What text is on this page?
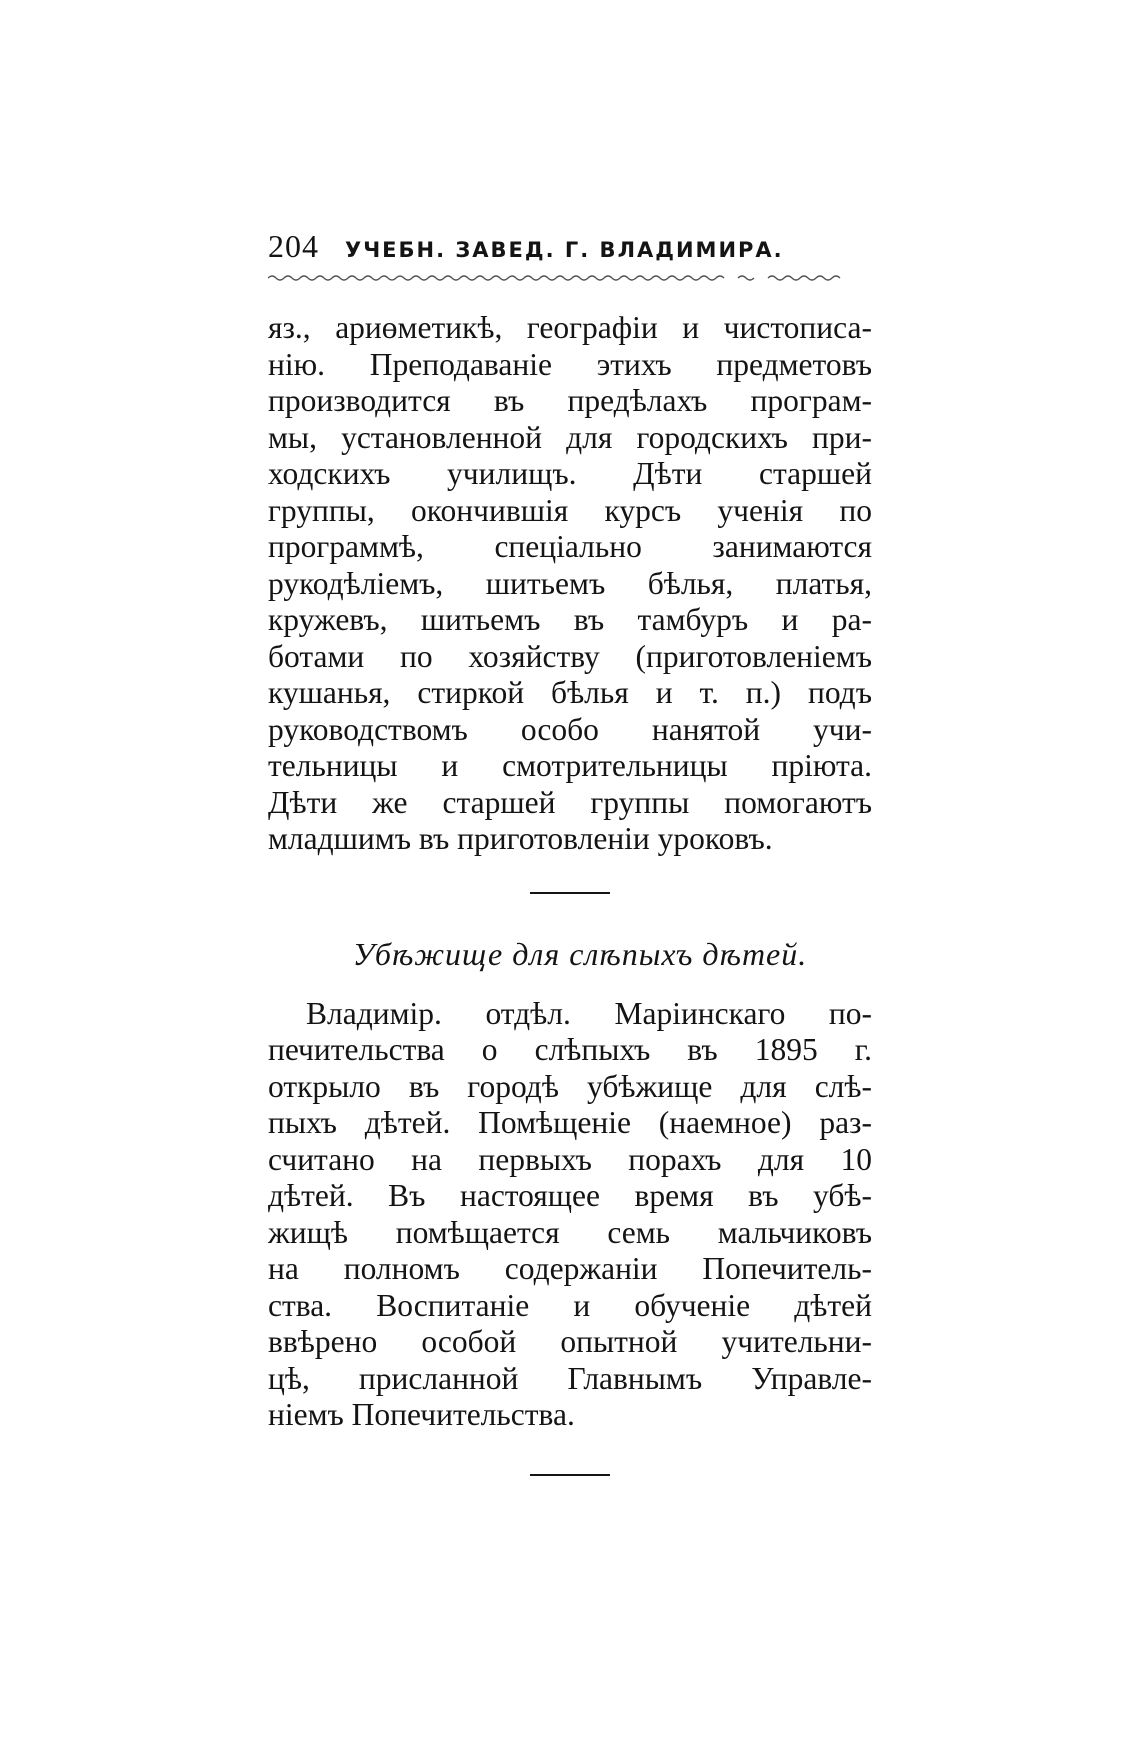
204 УЧЕБН. ЗАВЕД. Г. ВЛАДИМИРА.
яз., ариөметикѣ, географіи и чистописа-
нію. Преподаваніе этихъ предметовъ
производится въ предѣлахъ програм-
мы, установленной для городскихъ при-
ходскихъ училищъ. Дѣти старшей
группы, окончившія курсъ ученія по
программѣ, спеціально занимаются
рукодѣліемъ, шитьемъ бѣлья, платья,
кружевъ, шитьемъ въ тамбуръ и ра-
ботами по хозяйству (приготовленіемъ
кушанья, стиркой бѣлья и т. п.) подъ
руководствомъ особо нанятой учи-
тельницы и смотрительницы пріюта.
Дѣти же старшей группы помогаютъ
младшимъ въ приготовленіи уроковъ.
Убѣжище для слѣпыхъ дѣтей.
Владимір. отдѣл. Маріинскаго по-
печительства о слѣпыхъ въ 1895 г.
открыло въ городѣ убѣжище для слѣ-
пыхъ дѣтей. Помѣщеніе (наемное) раз-
считано на первыхъ порахъ для 10
дѣтей. Въ настоящее время въ убѣ-
жищѣ помѣщается семь мальчиковъ
на полномъ содержаніи Попечитель-
ства. Воспитаніе и обученіе дѣтей
ввѣрено особой опытной учительни-
цѣ, присланной Главнымъ Управле-
ніемъ Попечительства.
